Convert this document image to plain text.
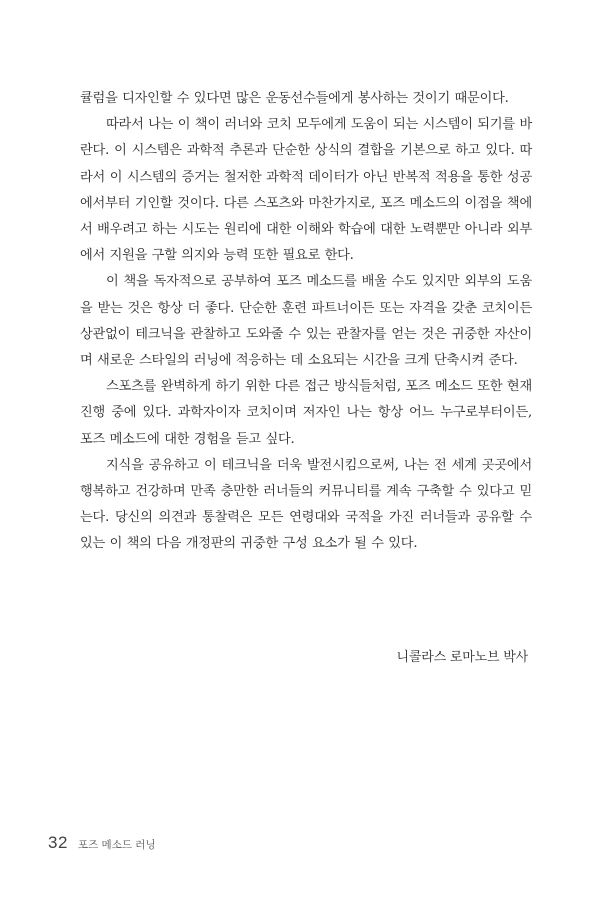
큘럼을 디자인할 수 있다면 많은 운동선수들에게 봉사하는 것이기 때문이다.

따라서 나는 이 책이 러너와 코치 모두에게 도움이 되는 시스템이 되기를 바란다. 이 시스템은 과학적 추론과 단순한 상식의 결합을 기본으로 하고 있다. 따라서 이 시스템의 증거는 철저한 과학적 데이터가 아닌 반복적 적용을 통한 성공에서부터 기인할 것이다. 다른 스포츠와 마찬가지로, 포즈 메소드의 이점을 책에서 배우려고 하는 시도는 원리에 대한 이해와 학습에 대한 노력뿐만 아니라 외부에서 지원을 구할 의지와 능력 또한 필요로 한다.

이 책을 독자적으로 공부하여 포즈 메소드를 배울 수도 있지만 외부의 도움을 받는 것은 항상 더 좋다. 단순한 훈련 파트너이든 또는 자격을 갖춘 코치이든 상관없이 테크닉을 관찰하고 도와줄 수 있는 관찰자를 얻는 것은 귀중한 자산이며 새로운 스타일의 러닝에 적응하는 데 소요되는 시간을 크게 단축시켜 준다.

스포츠를 완벽하게 하기 위한 다른 접근 방식들처럼, 포즈 메소드 또한 현재 진행 중에 있다. 과학자이자 코치이며 저자인 나는 항상 어느 누구로부터이든, 포즈 메소드에 대한 경험을 듣고 싶다.

지식을 공유하고 이 테크닉을 더욱 발전시킴으로써, 나는 전 세계 곳곳에서 행복하고 건강하며 만족 충만한 러너들의 커뮤니티를 계속 구축할 수 있다고 믿는다. 당신의 의견과 통찰력은 모든 연령대와 국적을 가진 러너들과 공유할 수 있는 이 책의 다음 개정판의 귀중한 구성 요소가 될 수 있다.

니콜라스 로마노브 박사
32 포즈 메소드 러닝
